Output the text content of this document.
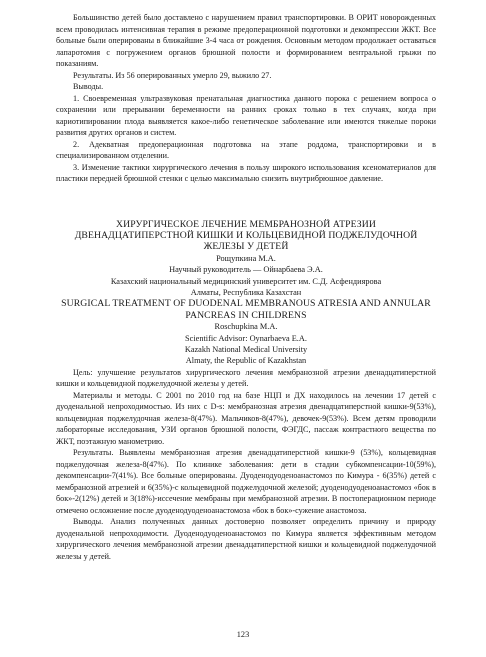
Большинство детей было доставлено с нарушением правил транспортировки. В ОРИТ новорожденных всем проводилась интенсивная терапия в режиме предоперационной подготовки и декомпрессии ЖКТ. Все больные были оперированы в ближайшие 3-4 часа от рождения. Основным методом продолжает оставаться лапаротомия с погружением органов брюшной полости и формированием вентральной грыжи по показаниям.

Результаты. Из 56 оперированных умерло 29, выжило 27.

Выводы.

1. Своевременная ультразвуковая пренатальная диагностика данного порока с решением вопроса о сохранении или прерывании беременности на ранних сроках только в тех случаях, когда при кариотипировании плода выявляется какое-либо генетическое заболевание или имеются тяжелые пороки развития других органов и систем.

2. Адекватная предоперационная подготовка на этапе роддома, транспортировки и в специализированном отделении.

3. Изменение тактики хирургического лечения в пользу широкого использования ксеноматериалов для пластики передней брюшной стенки с целью максимально снизить внутрибрюшное давление.

ХИРУРГИЧЕСКОЕ ЛЕЧЕНИЕ МЕМБРАНОЗНОЙ АТРЕЗИИ ДВЕНАДЦАТИПЕРСТНОЙ КИШКИ И КОЛЬЦЕВИДНОЙ ПОДЖЕЛУДОЧНОЙ ЖЕЛЕЗЫ У ДЕТЕЙ

Рощупкина М.А.

Научный руководитель — Ойнарбаева Э.А.

Казахский национальный медицинский университет им. С.Д. Асфендиярова

Алматы, Республика Казахстан

SURGICAL TREATMENT OF DUODENAL MEMBRANOUS ATRESIA AND ANNULAR PANCREAS IN CHILDRENS

Roschupkina M.A.

Scientific Advisor: Oynarbaeva E.A.

Kazakh National Medical University

Almaty, the Republic of Kazakhstan

Цель: улучшение результатов хирургического лечения мембранозной атрезии двенадцатиперстной кишки и кольцевидной поджелудочной железы у детей.

Материалы и методы. С 2001 по 2010 год на базе НЦП и ДХ находилось на лечении 17 детей с дуоденальной непроходимостью. Из них с D-s: мембранозная атрезия двенадцатиперстной кишки-9(53%), кольцевидная поджелудочная железа-8(47%). Мальчиков-8(47%), девочек-9(53%). Всем детям проводили лабораторные исследования, УЗИ органов брюшной полости, ФЭГДС, пассаж контрастного вещества по ЖКТ, поэтажную манометрию.

Результаты. Выявлены мембранозная атрезия двенадцатиперстной кишки-9 (53%), кольцевидная поджелудочная железа-8(47%). По клинике заболевания: дети в стадии субкомпенсации-10(59%), декомпенсации-7(41%). Все больные оперированы. Дуоденодуоденоанастомоз по Кимура - 6(35%) детей с мембранозной атрезией и 6(35%)-с кольцевидной поджелудочной железой; дуоденодуоденоанастомоз «бок в бок»-2(12%) детей и 3(18%)-иссечение мембраны при мембранозной атрезии. В постоперационном периоде отмечено осложнение после дуоденодуоденоанастомоза «бок в бок»-сужение анастомоза.

Выводы. Анализ полученных данных достоверно позволяет определить причину и природу дуоденальной непроходимости. Дуоденодуоденоанастомоз по Кимура является эффективным методом хирургического лечения мембранозной атрезии двенадцатиперстной кишки и кольцевидной поджелудочной железы у детей.

123
